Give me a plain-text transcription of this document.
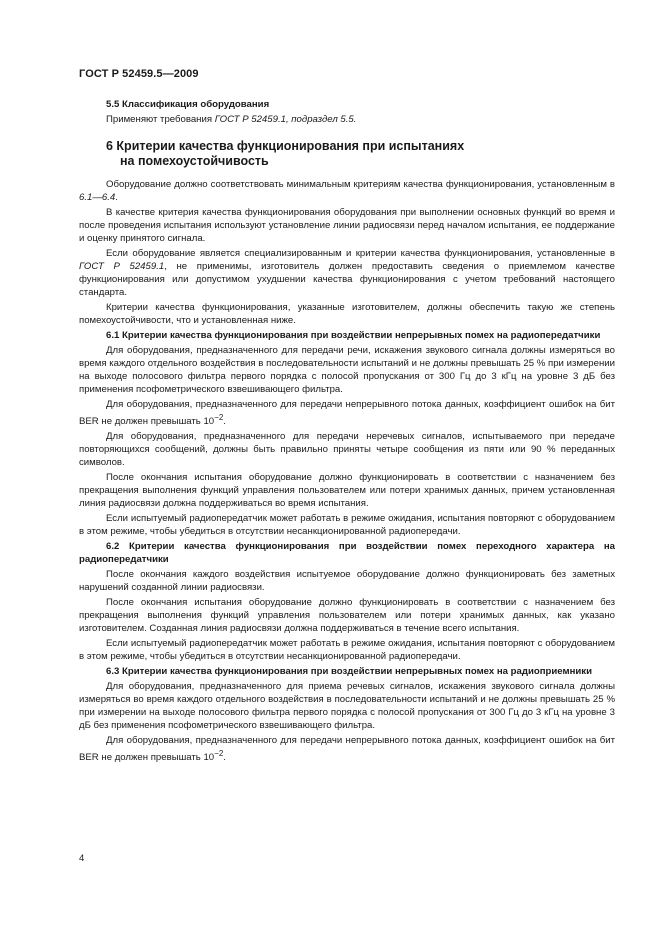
ГОСТ Р 52459.5—2009

5.5 Классификация оборудования

Применяют требования ГОСТ Р 52459.1, подраздел 5.5.

6 Критерии качества функционирования при испытаниях
на помехоустойчивость

Оборудование должно соответствовать минимальным критериям качества функционирования, установленным в 6.1—6.4.

В качестве критерия качества функционирования оборудования при выполнении основных функций во время и после проведения испытания используют установление линии радиосвязи перед началом испытания, ее поддержание и оценку принятого сигнала.

Если оборудование является специализированным и критерии качества функционирования, установленные в ГОСТ Р 52459.1, не применимы, изготовитель должен предоставить сведения о приемлемом качестве функционирования или допустимом ухудшении качества функционирования с учетом требований настоящего стандарта.

Критерии качества функционирования, указанные изготовителем, должны обеспечить такую же степень помехоустойчивости, что и установленная ниже.

6.1 Критерии качества функционирования при воздействии непрерывных помех на радиопередатчики

Для оборудования, предназначенного для передачи речи, искажения звукового сигнала должны измеряться во время каждого отдельного воздействия в последовательности испытаний и не должны превышать 25 % при измерении на выходе полосового фильтра первого порядка с полосой пропускания от 300 Гц до 3 кГц на уровне 3 дБ без применения псофометрического взвешивающего фильтра.

Для оборудования, предназначенного для передачи непрерывного потока данных, коэффициент ошибок на бит BER не должен превышать $10^{-2}$.

Для оборудования, предназначенного для передачи неречевых сигналов, испытываемого при передаче повторяющихся сообщений, должны быть правильно приняты четыре сообщения из пяти или 90 % переданных символов.

После окончания испытания оборудование должно функционировать в соответствии с назначением без прекращения выполнения функций управления пользователем или потери хранимых данных, причем установленная линия радиосвязи должна поддерживаться во время испытания.

Если испытуемый радиопередатчик может работать в режиме ожидания, испытания повторяют с оборудованием в этом режиме, чтобы убедиться в отсутствии несанкционированной радиопередачи.

6.2 Критерии качества функционирования при воздействии помех переходного характера на радиопередатчики

После окончания каждого воздействия испытуемое оборудование должно функционировать без заметных нарушений созданной линии радиосвязи.

После окончания испытания оборудование должно функционировать в соответствии с назначением без прекращения выполнения функций управления пользователем или потери хранимых данных, как указано изготовителем. Созданная линия радиосвязи должна поддерживаться в течение всего испытания.

Если испытуемый радиопередатчик может работать в режиме ожидания, испытания повторяют с оборудованием в этом режиме, чтобы убедиться в отсутствии несанкционированной радиопередачи.

6.3 Критерии качества функционирования при воздействии непрерывных помех на радиоприемники

Для оборудования, предназначенного для приема речевых сигналов, искажения звукового сигнала должны измеряться во время каждого отдельного воздействия в последовательности испытаний и не должны превышать 25 % при измерении на выходе полосового фильтра первого порядка с полосой пропускания от 300 Гц до 3 кГц на уровне 3 дБ без применения псофометрического взвешивающего фильтра.

Для оборудования, предназначенного для передачи непрерывного потока данных, коэффициент ошибок на бит BER не должен превышать $10^{-2}$.

4
